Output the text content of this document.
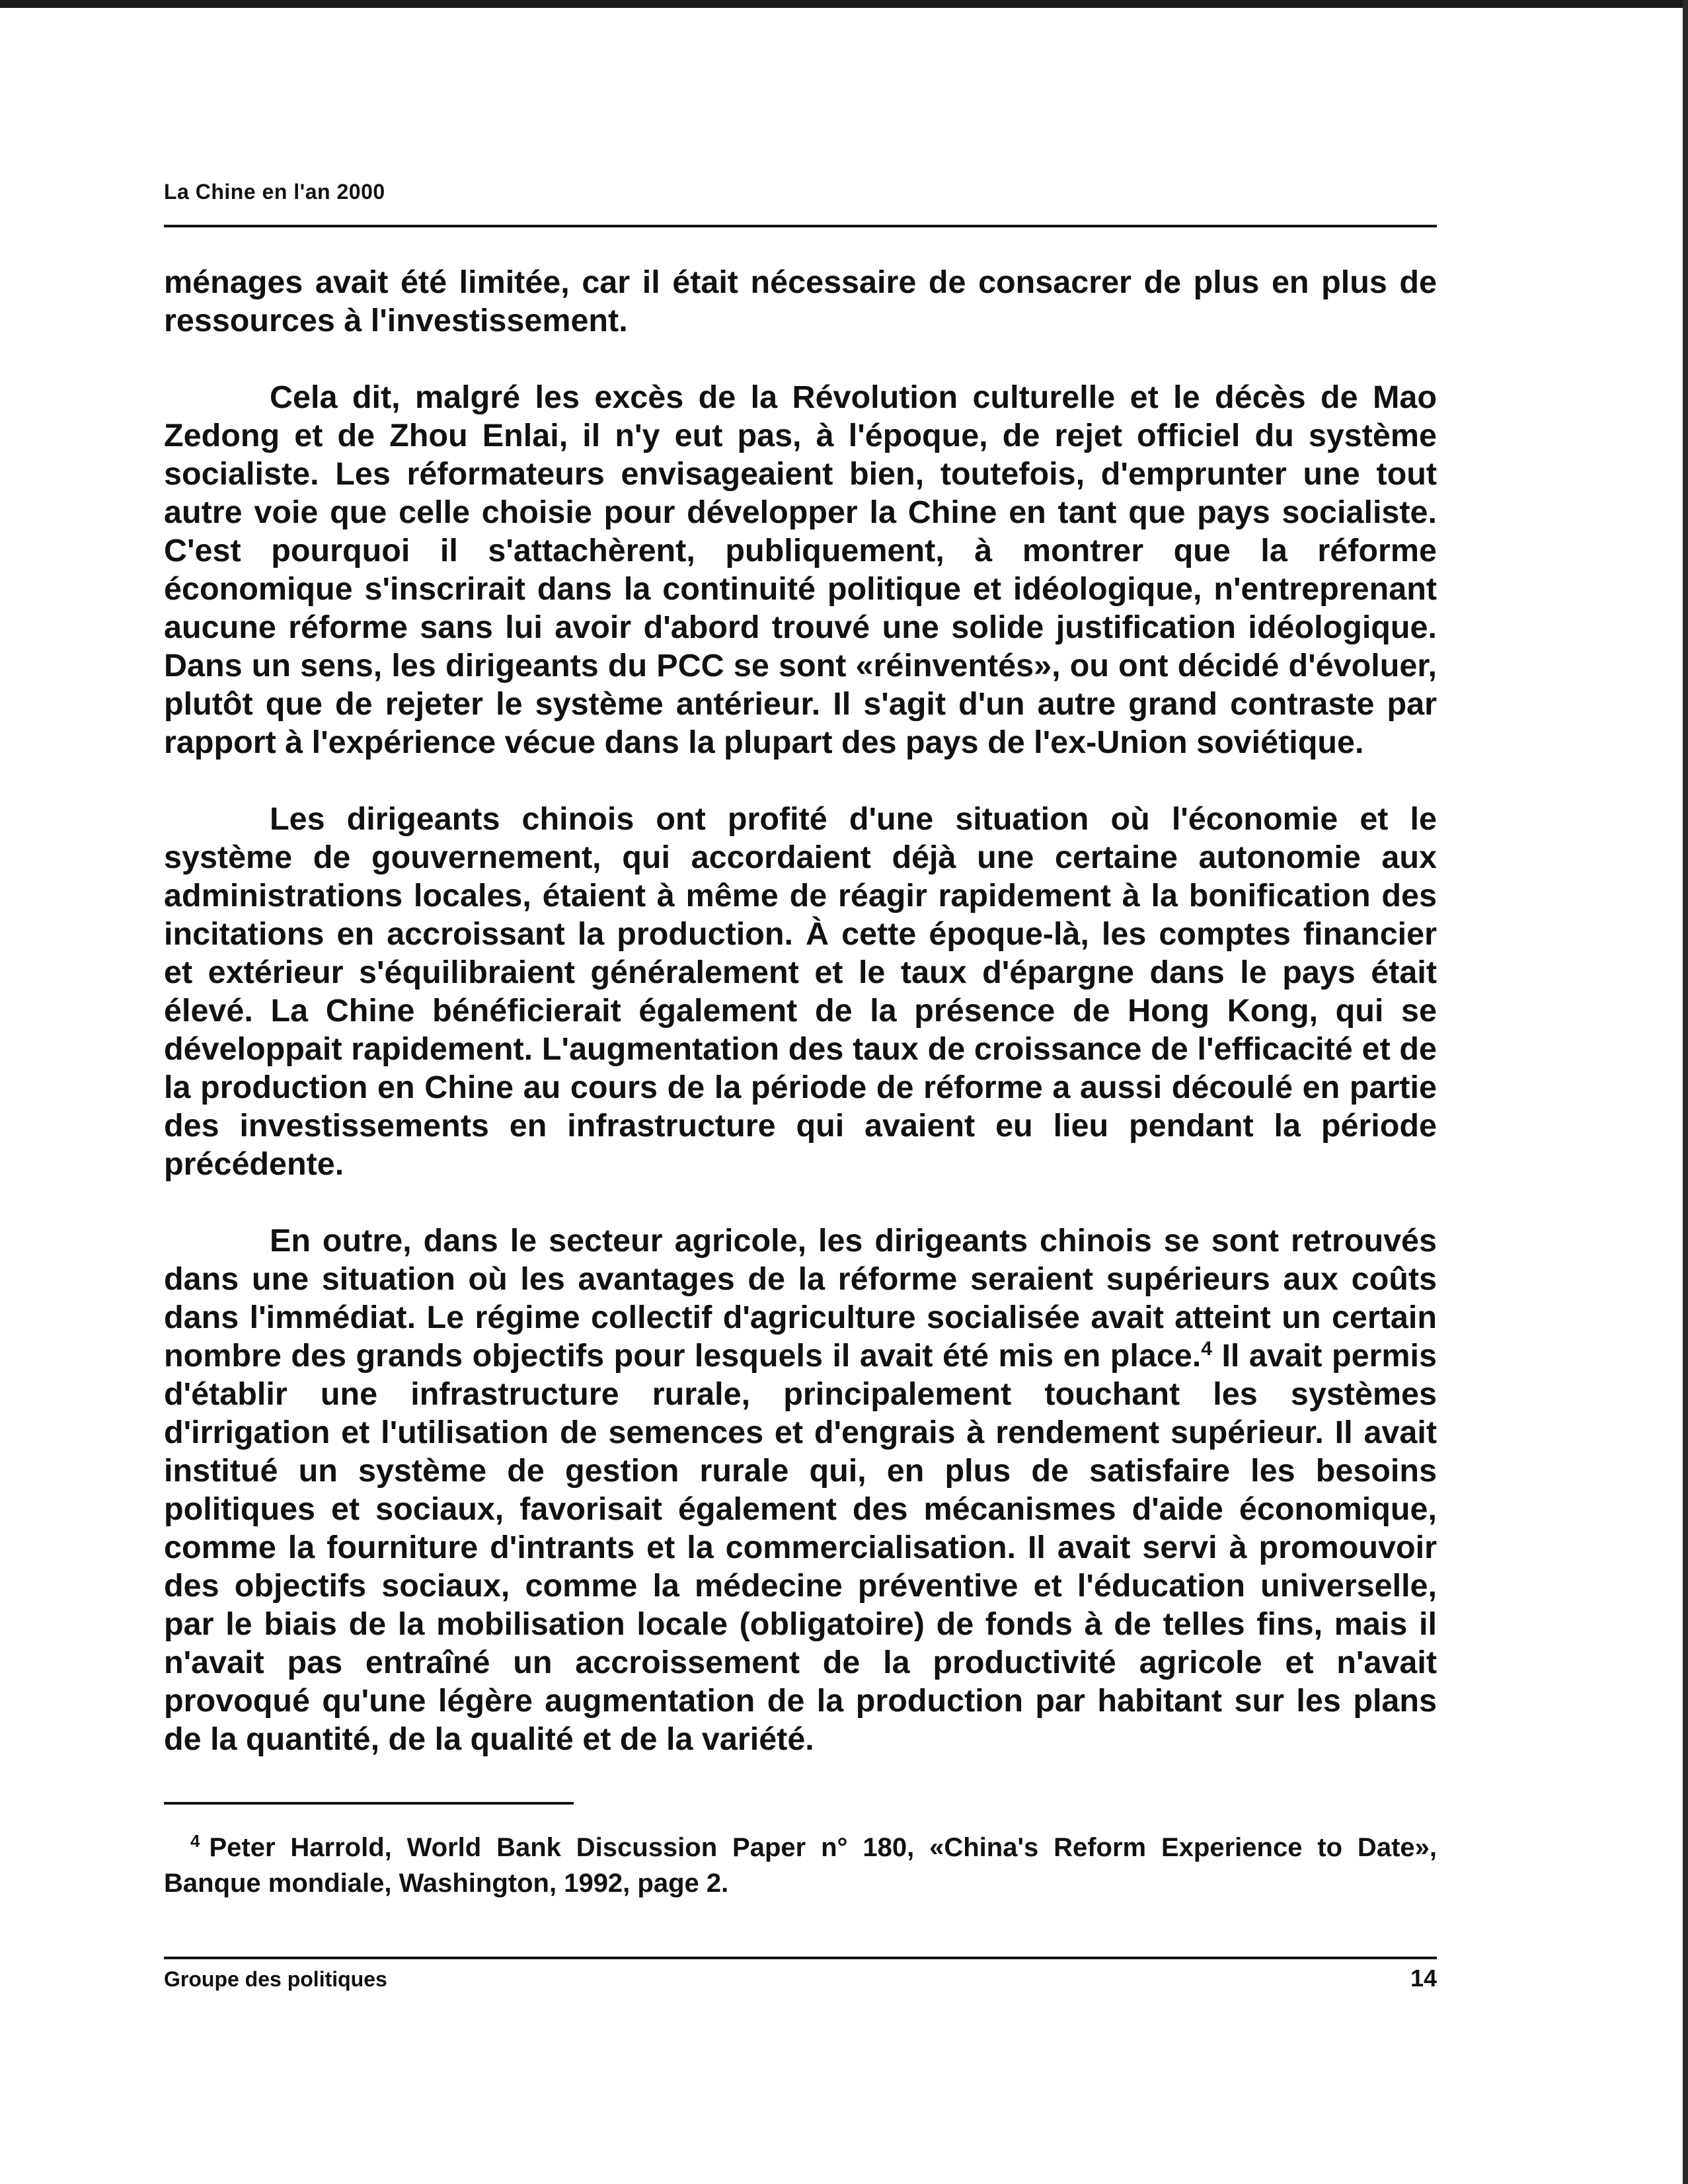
La Chine en l'an 2000

ménages avait été limitée, car il était nécessaire de consacrer de plus en plus de ressources à l'investissement.

Cela dit, malgré les excès de la Révolution culturelle et le décès de Mao Zedong et de Zhou Enlai, il n'y eut pas, à l'époque, de rejet officiel du système socialiste. Les réformateurs envisageaient bien, toutefois, d'emprunter une tout autre voie que celle choisie pour développer la Chine en tant que pays socialiste. C'est pourquoi il s'attachèrent, publiquement, à montrer que la réforme économique s'inscrirait dans la continuité politique et idéologique, n'entreprenant aucune réforme sans lui avoir d'abord trouvé une solide justification idéologique. Dans un sens, les dirigeants du PCC se sont «réinventés», ou ont décidé d'évoluer, plutôt que de rejeter le système antérieur. Il s'agit d'un autre grand contraste par rapport à l'expérience vécue dans la plupart des pays de l'ex-Union soviétique.

Les dirigeants chinois ont profité d'une situation où l'économie et le système de gouvernement, qui accordaient déjà une certaine autonomie aux administrations locales, étaient à même de réagir rapidement à la bonification des incitations en accroissant la production. À cette époque-là, les comptes financier et extérieur s'équilibraient généralement et le taux d'épargne dans le pays était élevé. La Chine bénéficierait également de la présence de Hong Kong, qui se développait rapidement. L'augmentation des taux de croissance de l'efficacité et de la production en Chine au cours de la période de réforme a aussi découlé en partie des investissements en infrastructure qui avaient eu lieu pendant la période précédente.

En outre, dans le secteur agricole, les dirigeants chinois se sont retrouvés dans une situation où les avantages de la réforme seraient supérieurs aux coûts dans l'immédiat. Le régime collectif d'agriculture socialisée avait atteint un certain nombre des grands objectifs pour lesquels il avait été mis en place.$^4$ Il avait permis d'établir une infrastructure rurale, principalement touchant les systèmes d'irrigation et l'utilisation de semences et d'engrais à rendement supérieur. Il avait institué un système de gestion rurale qui, en plus de satisfaire les besoins politiques et sociaux, favorisait également des mécanismes d'aide économique, comme la fourniture d'intrants et la commercialisation. Il avait servi à promouvoir des objectifs sociaux, comme la médecine préventive et l'éducation universelle, par le biais de la mobilisation locale (obligatoire) de fonds à de telles fins, mais il n'avait pas entraîné un accroissement de la productivité agricole et n'avait provoqué qu'une légère augmentation de la production par habitant sur les plans de la quantité, de la qualité et de la variété.

$^4$ Peter Harrold, World Bank Discussion Paper n° 180, «China's Reform Experience to Date», Banque mondiale, Washington, 1992, page 2.
Groupe des politiques	14
